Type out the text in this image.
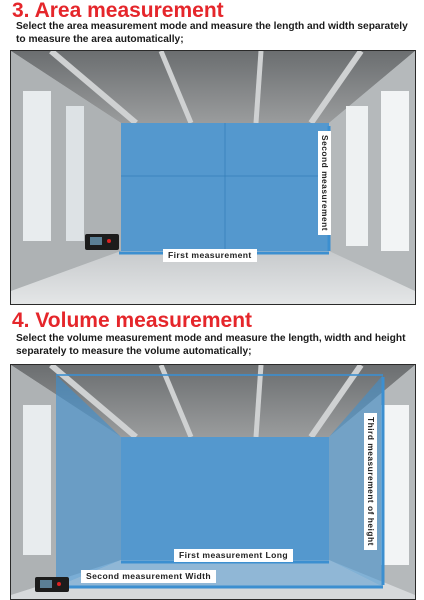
3. Area measurement
Select the area measurement mode and measure the length and width separately to measure the area automatically;
First measurement
Second measurement
4. Volume measurement
Select the volume measurement mode and measure the length, width and height separately to measure the volume automatically;
First measurement Long
Second measurement Width
Third measurement of height
